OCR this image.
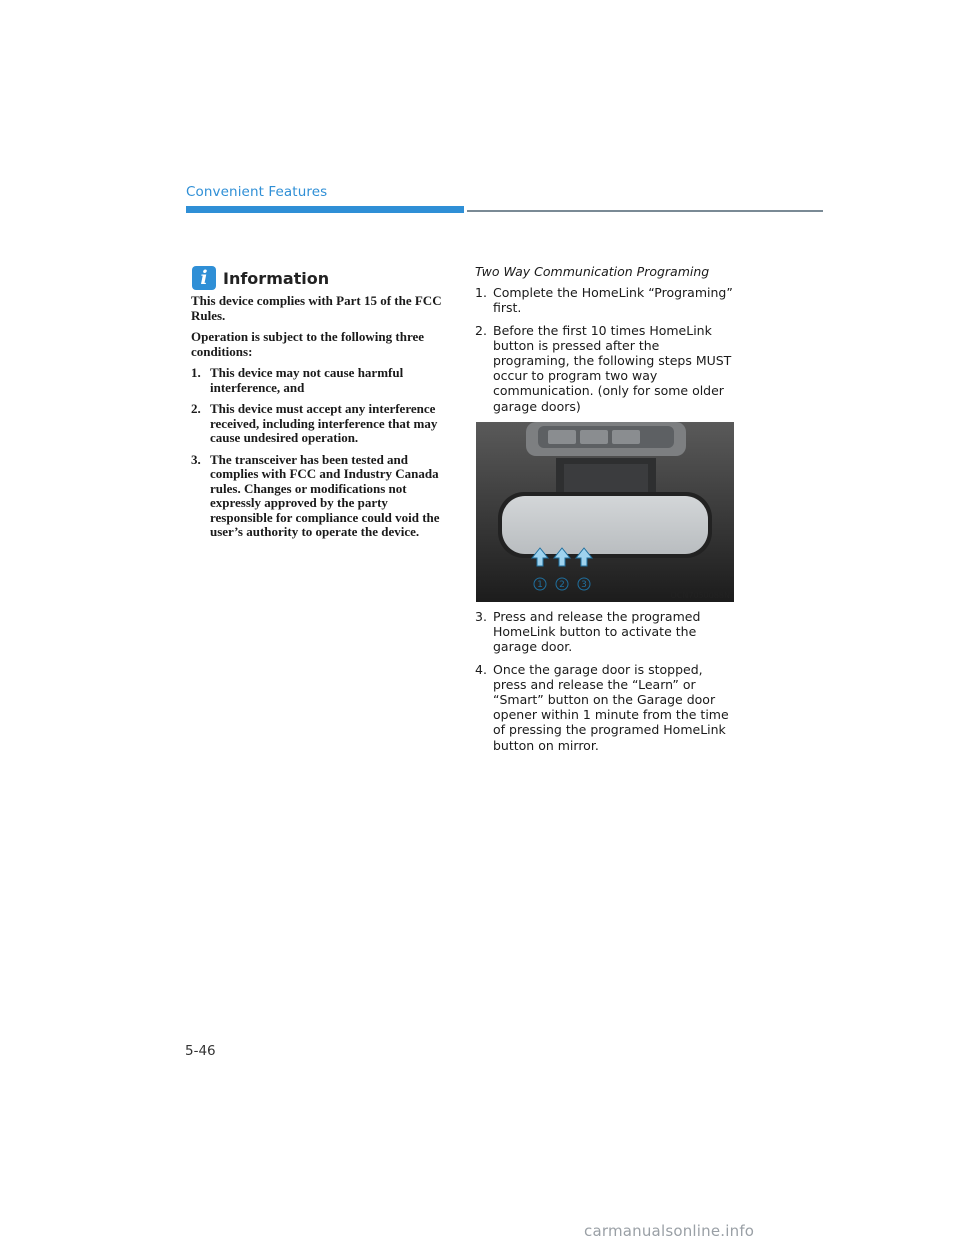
Convenient Features
i Information

This device complies with Part 15 of the FCC Rules.

Operation is subject to the following three conditions:

1. This device may not cause harmful interference, and
2. This device must accept any interference received, including interference that may cause undesired operation.
3. The transceiver has been tested and complies with FCC and Industry Canada rules. Changes or modifications not expressly approved by the party responsible for compliance could void the user’s authority to operate the device.
Two Way Communication Programing
1. Complete the HomeLink “Programing” first.
2. Before the first 10 times HomeLink button is pressed after the programing, the following steps MUST occur to program two way communication. (only for some older garage doors)
1 2 3
OCN7050088N
3. Press and release the programed HomeLink button to activate the garage door.
4. Once the garage door is stopped, press and release the “Learn” or “Smart” button on the Garage door opener within 1 minute from the time of pressing the programed HomeLink button on mirror.
5-46
carmanualsonline.info
